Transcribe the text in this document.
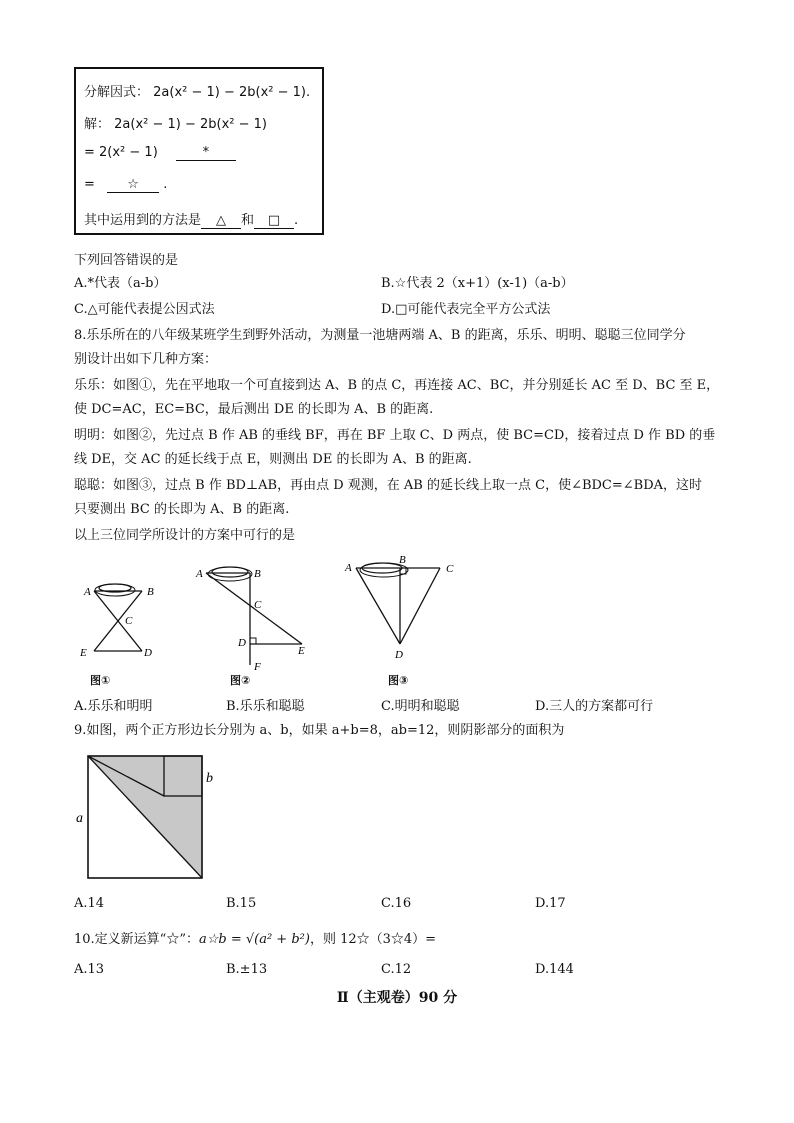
分解因式： 2a(x² − 1) − 2b(x² − 1).
解： 2a(x² − 1) − 2b(x² − 1)
= 2(x² − 1)	*
= ☆ .
其中运用到的方法是 △ 和 □ .
下列回答错误的是
A.*代表（a-b）	B.☆代表 2（x+1）(x-1)（a-b）
C.△可能代表提公因式法	D.□可能代表完全平方公式法
8.乐乐所在的八年级某班学生到野外活动，为测量一池塘两端 A、B 的距离，乐乐、明明、聪聪三位同学分
别设计出如下几种方案：
乐乐：如图①，先在平地取一个可直接到达 A、B 的点 C，再连接 AC、BC，并分别延长 AC 至 D、BC 至 E，
使 DC=AC，EC=BC，最后测出 DE 的长即为 A、B 的距离.
明明：如图②，先过点 B 作 AB 的垂线 BF，再在 BF 上取 C、D 两点，使 BC=CD，接着过点 D 作 BD 的垂
线 DE，交 AC 的延长线于点 E，则测出 DE 的长即为 A、B 的距离.
聪聪：如图③，过点 B 作 BD⊥AB，再由点 D 观测，在 AB 的延长线上取一点 C，使∠BDC=∠BDA，这时
只要测出 BC 的长即为 A、B 的距离.
以上三位同学所设计的方案中可行的是
A	B
C
E	D
图①
A	B
C
D
E
F
图②
A
B
C
D
图③
A.乐乐和明明	B.乐乐和聪聪	C.明明和聪聪	D.三人的方案都可行
9.如图，两个正方形边长分别为 a、b，如果 a+b=8，ab=12，则阴影部分的面积为
a
b
A.14	B.15	C.16	D.17
10.定义新运算“☆”：a☆b = √(a² + b²)，则 12☆（3☆4）=
A.13	B.±13	C.12	D.144
Ⅱ（主观卷）90 分
